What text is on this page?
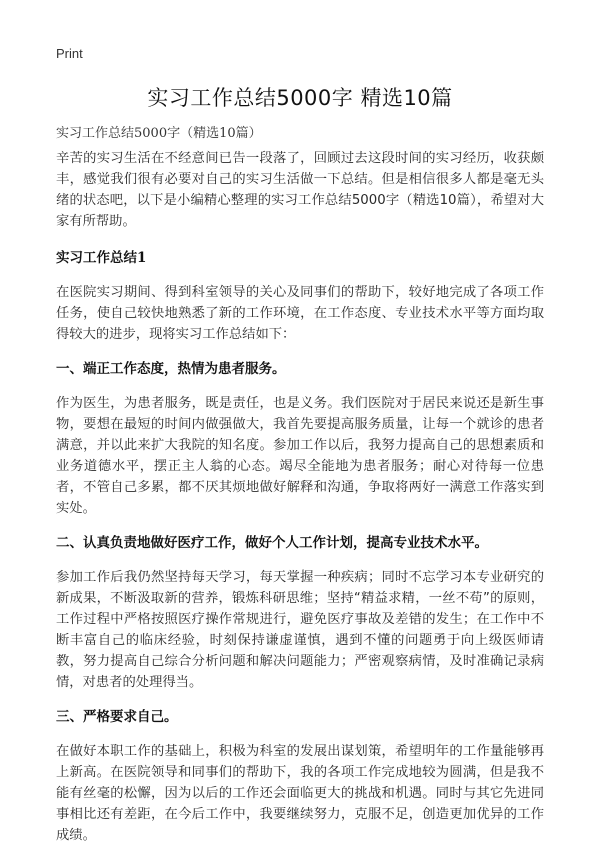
Print
实习工作总结5000字 精选10篇
实习工作总结5000字（精选10篇）

辛苦的实习生活在不经意间已告一段落了，回顾过去这段时间的实习经历，收获颇丰，感觉我们很有必要对自己的实习生活做一下总结。但是相信很多人都是毫无头绪的状态吧，以下是小编精心整理的实习工作总结5000字（精选10篇），希望对大家有所帮助。

实习工作总结1

在医院实习期间、得到科室领导的关心及同事们的帮助下，较好地完成了各项工作任务，使自己较快地熟悉了新的工作环境，在工作态度、专业技术水平等方面均取得较大的进步，现将实习工作总结如下：

一、端正工作态度，热情为患者服务。

作为医生，为患者服务，既是责任，也是义务。我们医院对于居民来说还是新生事物，要想在最短的时间内做强做大，我首先要提高服务质量，让每一个就诊的患者满意，并以此来扩大我院的知名度。参加工作以后，我努力提高自己的思想素质和业务道德水平，摆正主人翁的心态。竭尽全能地为患者服务；耐心对待每一位患者，不管自己多累，都不厌其烦地做好解释和沟通，争取将两好一满意工作落实到实处。

二、认真负责地做好医疗工作，做好个人工作计划，提高专业技术水平。

参加工作后我仍然坚持每天学习，每天掌握一种疾病；同时不忘学习本专业研究的新成果，不断汲取新的营养，锻炼科研思维；坚持“精益求精，一丝不苟”的原则，工作过程中严格按照医疗操作常规进行，避免医疗事故及差错的发生；在工作中不断丰富自己的临床经验，时刻保持谦虚谨慎，遇到不懂的问题勇于向上级医师请教，努力提高自己综合分析问题和解决问题能力；严密观察病情，及时准确记录病情，对患者的处理得当。

三、严格要求自己。

在做好本职工作的基础上，积极为科室的发展出谋划策，希望明年的工作量能够再上新高。在医院领导和同事们的帮助下，我的各项工作完成地较为圆满，但是我不能有丝毫的松懈，因为以后的工作还会面临更大的挑战和机遇。同时与其它先进同事相比还有差距，在今后工作中，我要继续努力，克服不足，创造更加优异的工作成绩。
